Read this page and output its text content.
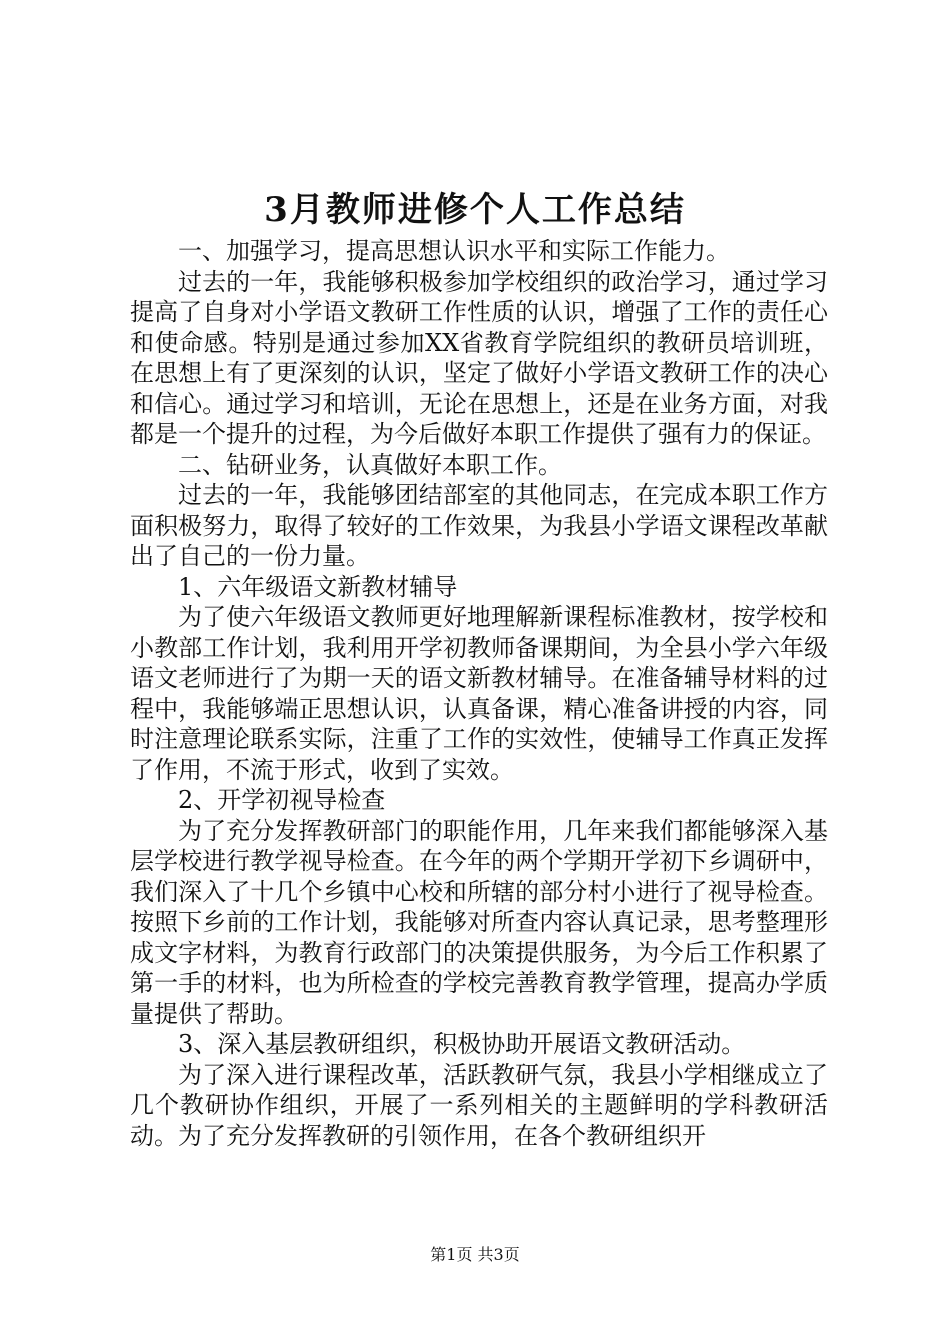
3月教师进修个人工作总结

一、加强学习，提高思想认识水平和实际工作能力。

过去的一年，我能够积极参加学校组织的政治学习，通过学习提高了自身对小学语文教研工作性质的认识，增强了工作的责任心和使命感。特别是通过参加XX省教育学院组织的教研员培训班，在思想上有了更深刻的认识，坚定了做好小学语文教研工作的决心和信心。通过学习和培训，无论在思想上，还是在业务方面，对我都是一个提升的过程，为今后做好本职工作提供了强有力的保证。

二、钻研业务，认真做好本职工作。

过去的一年，我能够团结部室的其他同志，在完成本职工作方面积极努力，取得了较好的工作效果，为我县小学语文课程改革献出了自己的一份力量。

1、六年级语文新教材辅导

为了使六年级语文教师更好地理解新课程标准教材，按学校和小教部工作计划，我利用开学初教师备课期间，为全县小学六年级语文老师进行了为期一天的语文新教材辅导。在准备辅导材料的过程中，我能够端正思想认识，认真备课，精心准备讲授的内容，同时注意理论联系实际，注重了工作的实效性，使辅导工作真正发挥了作用，不流于形式，收到了实效。

2、开学初视导检查

为了充分发挥教研部门的职能作用，几年来我们都能够深入基层学校进行教学视导检查。在今年的两个学期开学初下乡调研中，我们深入了十几个乡镇中心校和所辖的部分村小进行了视导检查。按照下乡前的工作计划，我能够对所查内容认真记录，思考整理形成文字材料，为教育行政部门的决策提供服务，为今后工作积累了第一手的材料，也为所检查的学校完善教育教学管理，提高办学质量提供了帮助。

3、深入基层教研组织，积极协助开展语文教研活动。

为了深入进行课程改革，活跃教研气氛，我县小学相继成立了几个教研协作组织，开展了一系列相关的主题鲜明的学科教研活动。为了充分发挥教研的引领作用，在各个教研组织开

第1页 共3页
